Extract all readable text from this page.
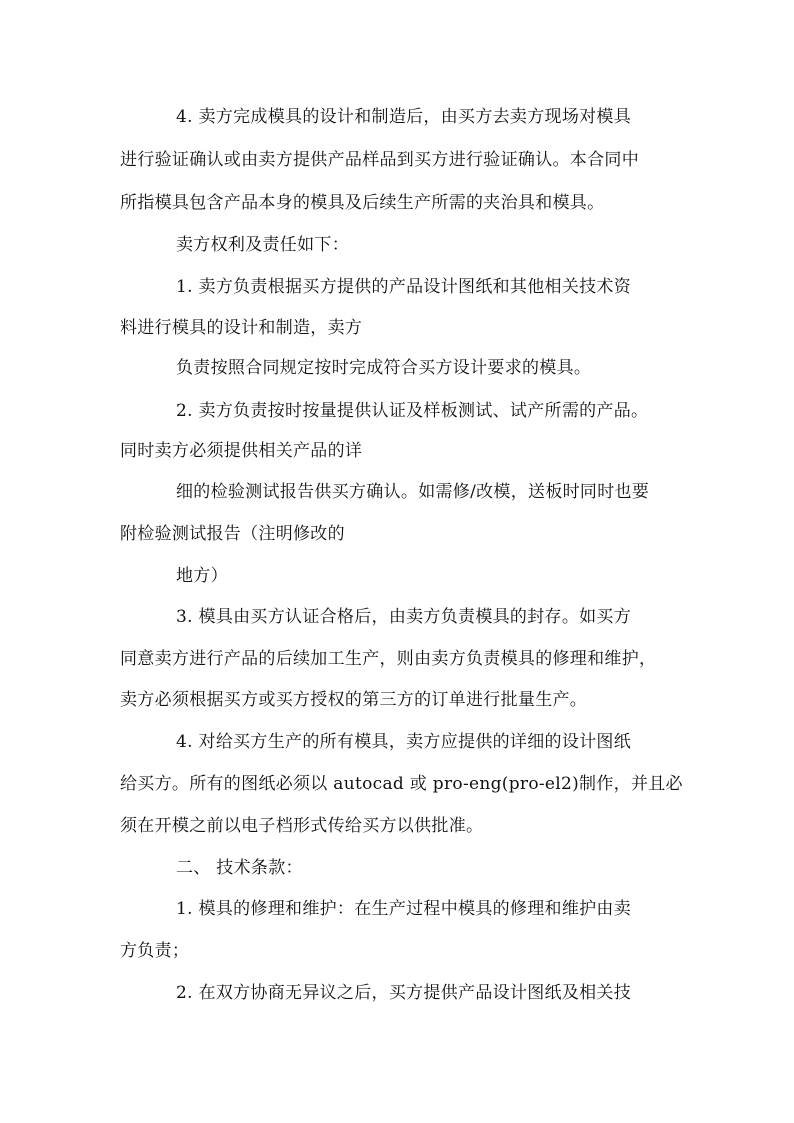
4. 卖方完成模具的设计和制造后，由买方去卖方现场对模具
进行验证确认或由卖方提供产品样品到买方进行验证确认。本合同中
所指模具包含产品本身的模具及后续生产所需的夹治具和模具。
卖方权利及责任如下：
1. 卖方负责根据买方提供的产品设计图纸和其他相关技术资
料进行模具的设计和制造，卖方
负责按照合同规定按时完成符合买方设计要求的模具。
2. 卖方负责按时按量提供认证及样板测试、试产所需的产品。
同时卖方必须提供相关产品的详
细的检验测试报告供买方确认。如需修/改模，送板时同时也要
附检验测试报告（注明修改的
地方）
3. 模具由买方认证合格后，由卖方负责模具的封存。如买方
同意卖方进行产品的后续加工生产，则由卖方负责模具的修理和维护，
卖方必须根据买方或买方授权的第三方的订单进行批量生产。
4. 对给买方生产的所有模具，卖方应提供的详细的设计图纸
给买方。所有的图纸必须以 autocad 或 pro-eng(pro-el2)制作，并且必
须在开模之前以电子档形式传给买方以供批准。
二、 技术条款：
1. 模具的修理和维护：在生产过程中模具的修理和维护由卖
方负责；
2. 在双方协商无异议之后，买方提供产品设计图纸及相关技
